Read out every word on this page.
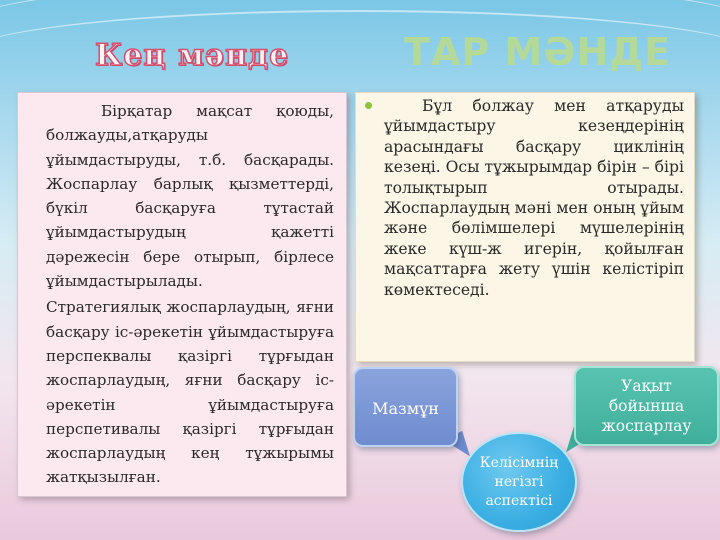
Кең мәнде	ТАР МӘНДЕ

Бірқатар мақсат қоюды, болжауды,атқаруды ұйымдастыруды, т.б. басқарады. Жоспарлау барлық қызметтерді, бүкіл басқаруға тұтастай ұйымдастырудың қажетті дәрежесін бере отырып, бірлесе ұйымдастырылады.

Стратегиялық жоспарлаудың, яғни басқару іс-әрекетін ұйымдастыруға перспеквалы қазіргі тұрғыдан жоспарлаудың, яғни басқару іс-әрекетін ұйымдастыруға перспетивалы қазіргі тұрғыдан жоспарлаудың кең тұжырымы жатқызылған.

Бұл болжау мен атқаруды ұйымдастыру кезеңдерінің арасындағы басқару циклінің кезеңі. Осы тұжырымдар бірін – бірі толықтырып отырады. Жоспарлаудың мәні мен оның ұйым және бөлімшелері мүшелерінің жеке күш-ж игерін, қойылған мақсаттарға жету үшін келістіріп көмектеседі.

Мазмұн
Уақыт
бойынша
жоспарлау
Келісімнің
негізгі
аспектісі
